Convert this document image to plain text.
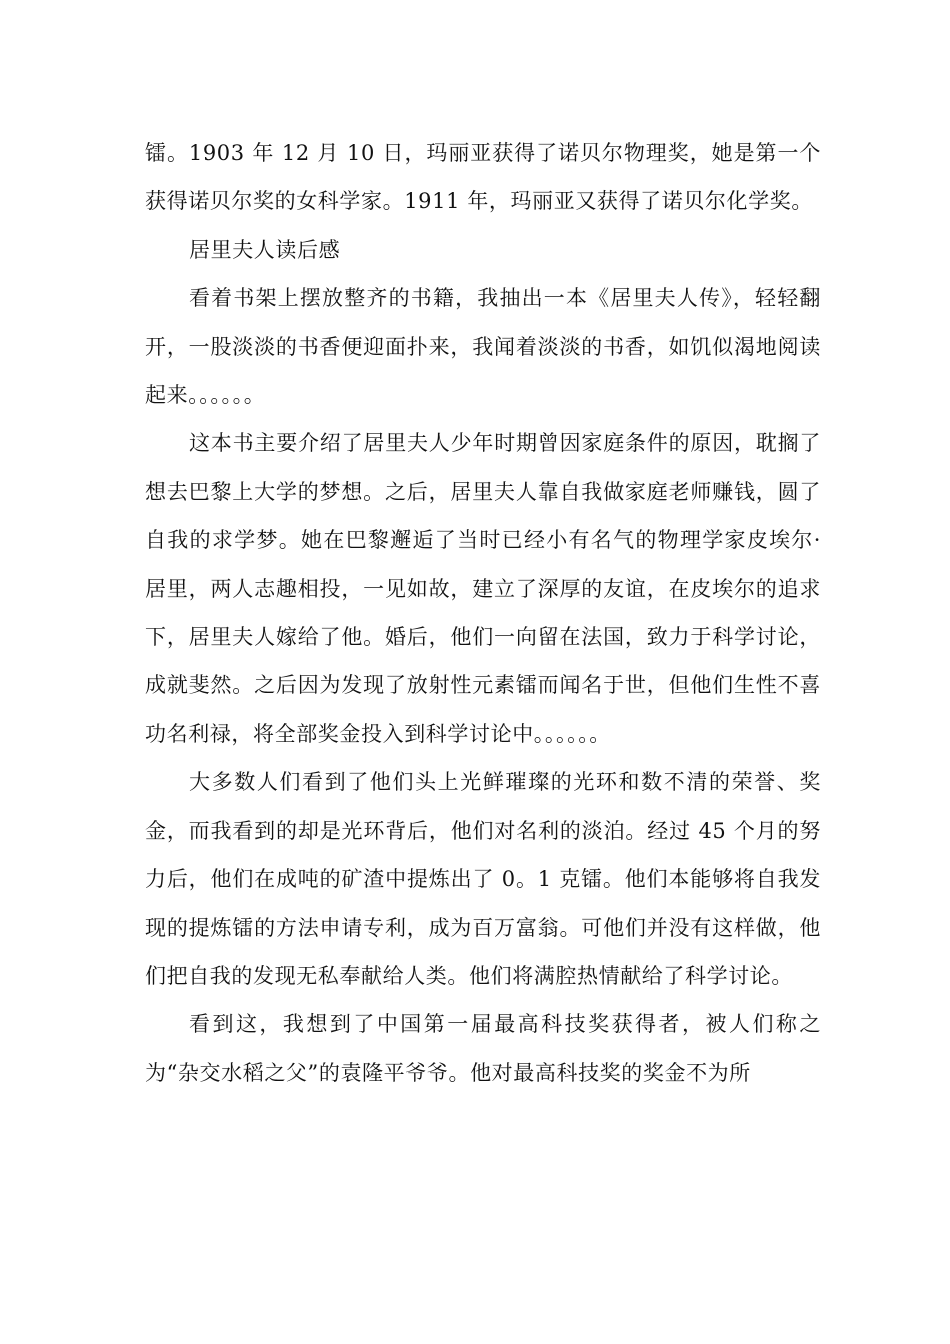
镭。1903 年 12 月 10 日，玛丽亚获得了诺贝尔物理奖，她是第一个获得诺贝尔奖的女科学家。1911 年，玛丽亚又获得了诺贝尔化学奖。

居里夫人读后感

看着书架上摆放整齐的书籍，我抽出一本《居里夫人传》，轻轻翻开，一股淡淡的书香便迎面扑来，我闻着淡淡的书香，如饥似渴地阅读起来。。。。。。

这本书主要介绍了居里夫人少年时期曾因家庭条件的原因，耽搁了想去巴黎上大学的梦想。之后，居里夫人靠自我做家庭老师赚钱，圆了自我的求学梦。她在巴黎邂逅了当时已经小有名气的物理学家皮埃尔·居里，两人志趣相投，一见如故，建立了深厚的友谊，在皮埃尔的追求下，居里夫人嫁给了他。婚后，他们一向留在法国，致力于科学讨论，成就斐然。之后因为发现了放射性元素镭而闻名于世，但他们生性不喜功名利禄，将全部奖金投入到科学讨论中。。。。。。

大多数人们看到了他们头上光鲜璀璨的光环和数不清的荣誉、奖金，而我看到的却是光环背后，他们对名利的淡泊。经过 45 个月的努力后，他们在成吨的矿渣中提炼出了 0。1 克镭。他们本能够将自我发现的提炼镭的方法申请专利，成为百万富翁。可他们并没有这样做，他们把自我的发现无私奉献给人类。他们将满腔热情献给了科学讨论。

看到这，我想到了中国第一届最高科技奖获得者，被人们称之为“杂交水稻之父”的袁隆平爷爷。他对最高科技奖的奖金不为所
